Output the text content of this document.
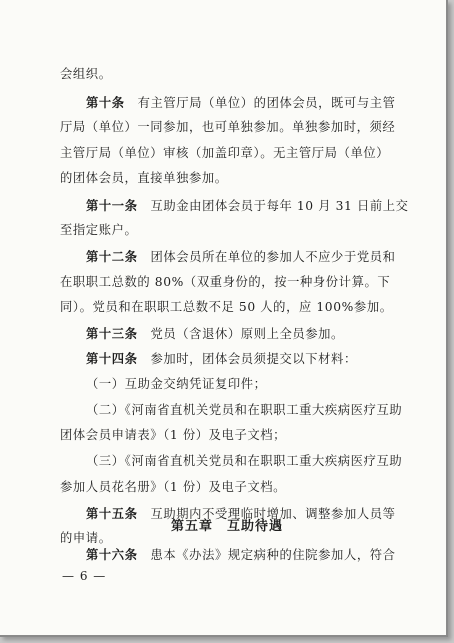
会组织。
第十条　有主管厅局（单位）的团体会员，既可与主管
厅局（单位）一同参加，也可单独参加。单独参加时，须经
主管厅局（单位）审核（加盖印章）。无主管厅局（单位）
的团体会员，直接单独参加。
第十一条　互助金由团体会员于每年 10 月 31 日前上交
至指定账户。
第十二条　团体会员所在单位的参加人不应少于党员和
在职职工总数的 80%（双重身份的，按一种身份计算。下
同）。党员和在职职工总数不足 50 人的，应 100%参加。
第十三条　党员（含退休）原则上全员参加。
第十四条　参加时，团体会员须提交以下材料：
（一）互助金交纳凭证复印件；
（二）《河南省直机关党员和在职职工重大疾病医疗互助
团体会员申请表》（1 份）及电子文档；
（三）《河南省直机关党员和在职职工重大疾病医疗互助
参加人员花名册》（1 份）及电子文档。
第十五条　互助期内不受理临时增加、调整参加人员等
的申请。
— 6 —
第五章　互助待遇
第十六条　患本《办法》规定病种的住院参加人，符合
